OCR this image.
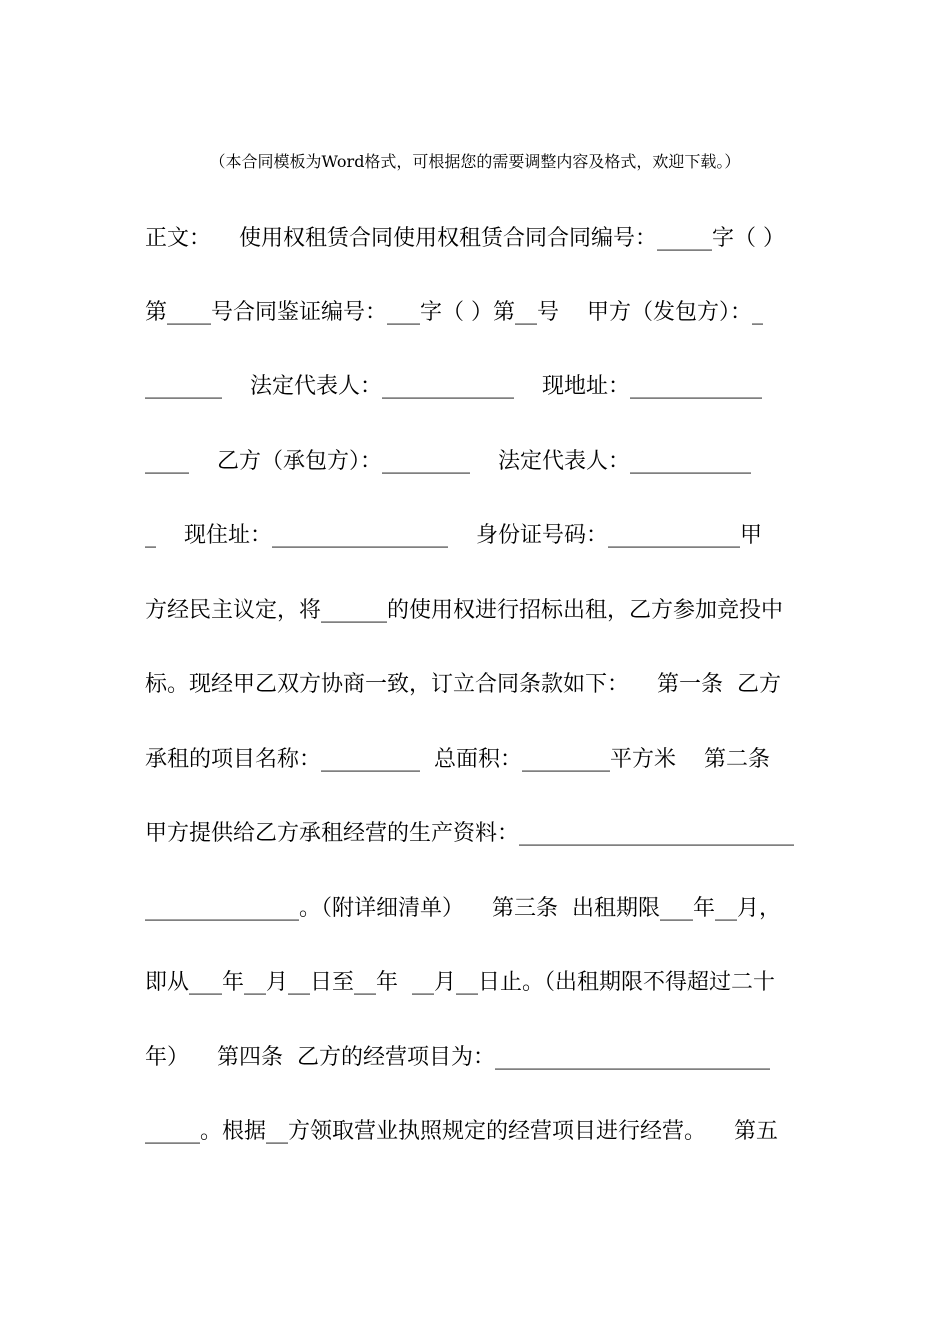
（本合同模板为Word格式，可根据您的需要调整内容及格式，欢迎下载。）
正文：    使用权租赁合同使用权租赁合同合同编号：_____字（ ）
第____号合同鉴证编号：___字（ ）第__号    甲方（发包方）：_
_______    法定代表人：____________    现地址：____________
____    乙方（承包方）：________    法定代表人：___________
_    现住址：________________    身份证号码：____________甲
方经民主议定，将______的使用权进行招标出租，乙方参加竞投中
标。现经甲乙双方协商一致，订立合同条款如下：    第一条  乙方
承租的项目名称：_________  总面积：________平方米    第二条
甲方提供给乙方承租经营的生产资料：_________________________
______________。（附详细清单）    第三条  出租期限___年__月，
即从___年__月__日至__年  __月__日止。（出租期限不得超过二十
年）    第四条  乙方的经营项目为：_________________________
_____。根据__方领取营业执照规定的经营项目进行经营。    第五
